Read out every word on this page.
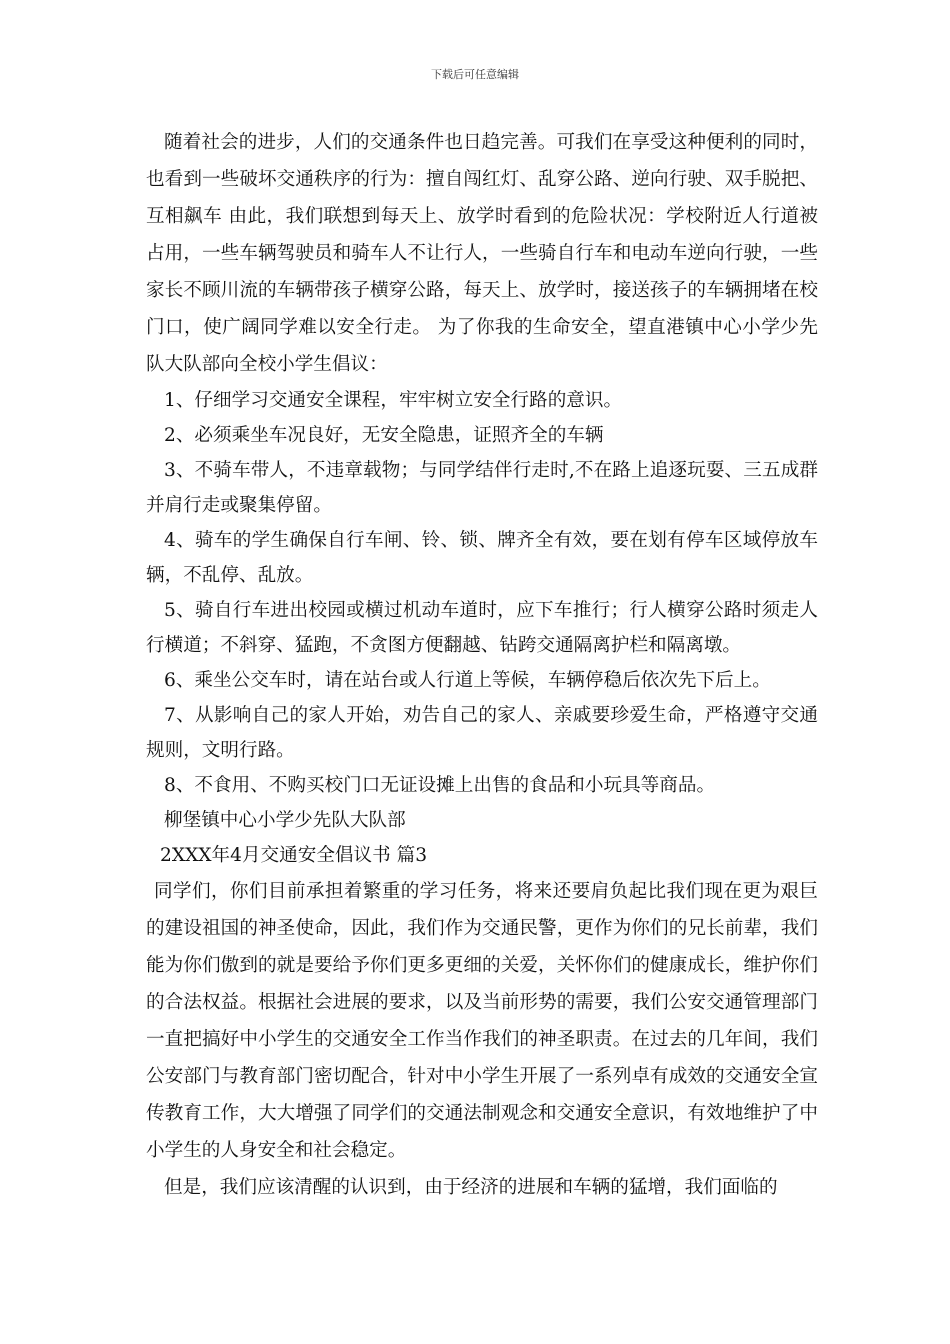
下载后可任意编辑

随着社会的进步，人们的交通条件也日趋完善。可我们在享受这种便利的同时，也看到一些破坏交通秩序的行为：擅自闯红灯、乱穿公路、逆向行驶、双手脱把、互相飙车 由此，我们联想到每天上、放学时看到的危险状况：学校附近人行道被占用，一些车辆驾驶员和骑车人不让行人，一些骑自行车和电动车逆向行驶，一些家长不顾川流的车辆带孩子横穿公路，每天上、放学时，接送孩子的车辆拥堵在校门口，使广阔同学难以安全行走。 为了你我的生命安全，望直港镇中心小学少先队大队部向全校小学生倡议：

1、仔细学习交通安全课程，牢牢树立安全行路的意识。

2、必须乘坐车况良好，无安全隐患，证照齐全的车辆

3、不骑车带人，不违章载物；与同学结伴行走时,不在路上追逐玩耍、三五成群并肩行走或聚集停留。

4、骑车的学生确保自行车闸、铃、锁、牌齐全有效，要在划有停车区域停放车辆，不乱停、乱放。

5、骑自行车进出校园或横过机动车道时，应下车推行；行人横穿公路时须走人行横道；不斜穿、猛跑，不贪图方便翻越、钻跨交通隔离护栏和隔离墩。

6、乘坐公交车时，请在站台或人行道上等候，车辆停稳后依次先下后上。

7、从影响自己的家人开始，劝告自己的家人、亲戚要珍爱生命，严格遵守交通规则，文明行路。

8、不食用、不购买校门口无证设摊上出售的食品和小玩具等商品。

柳堡镇中心小学少先队大队部

2XXX年4月交通安全倡议书 篇3

同学们，你们目前承担着繁重的学习任务，将来还要肩负起比我们现在更为艰巨的建设祖国的神圣使命，因此，我们作为交通民警，更作为你们的兄长前辈，我们能为你们傲到的就是要给予你们更多更细的关爱，关怀你们的健康成长，维护你们的合法权益。根据社会进展的要求，以及当前形势的需要，我们公安交通管理部门一直把搞好中小学生的交通安全工作当作我们的神圣职责。在过去的几年间，我们公安部门与教育部门密切配合，针对中小学生开展了一系列卓有成效的交通安全宣传教育工作，大大增强了同学们的交通法制观念和交通安全意识，有效地维护了中小学生的人身安全和社会稳定。

但是，我们应该清醒的认识到，由于经济的进展和车辆的猛增，我们面临的
